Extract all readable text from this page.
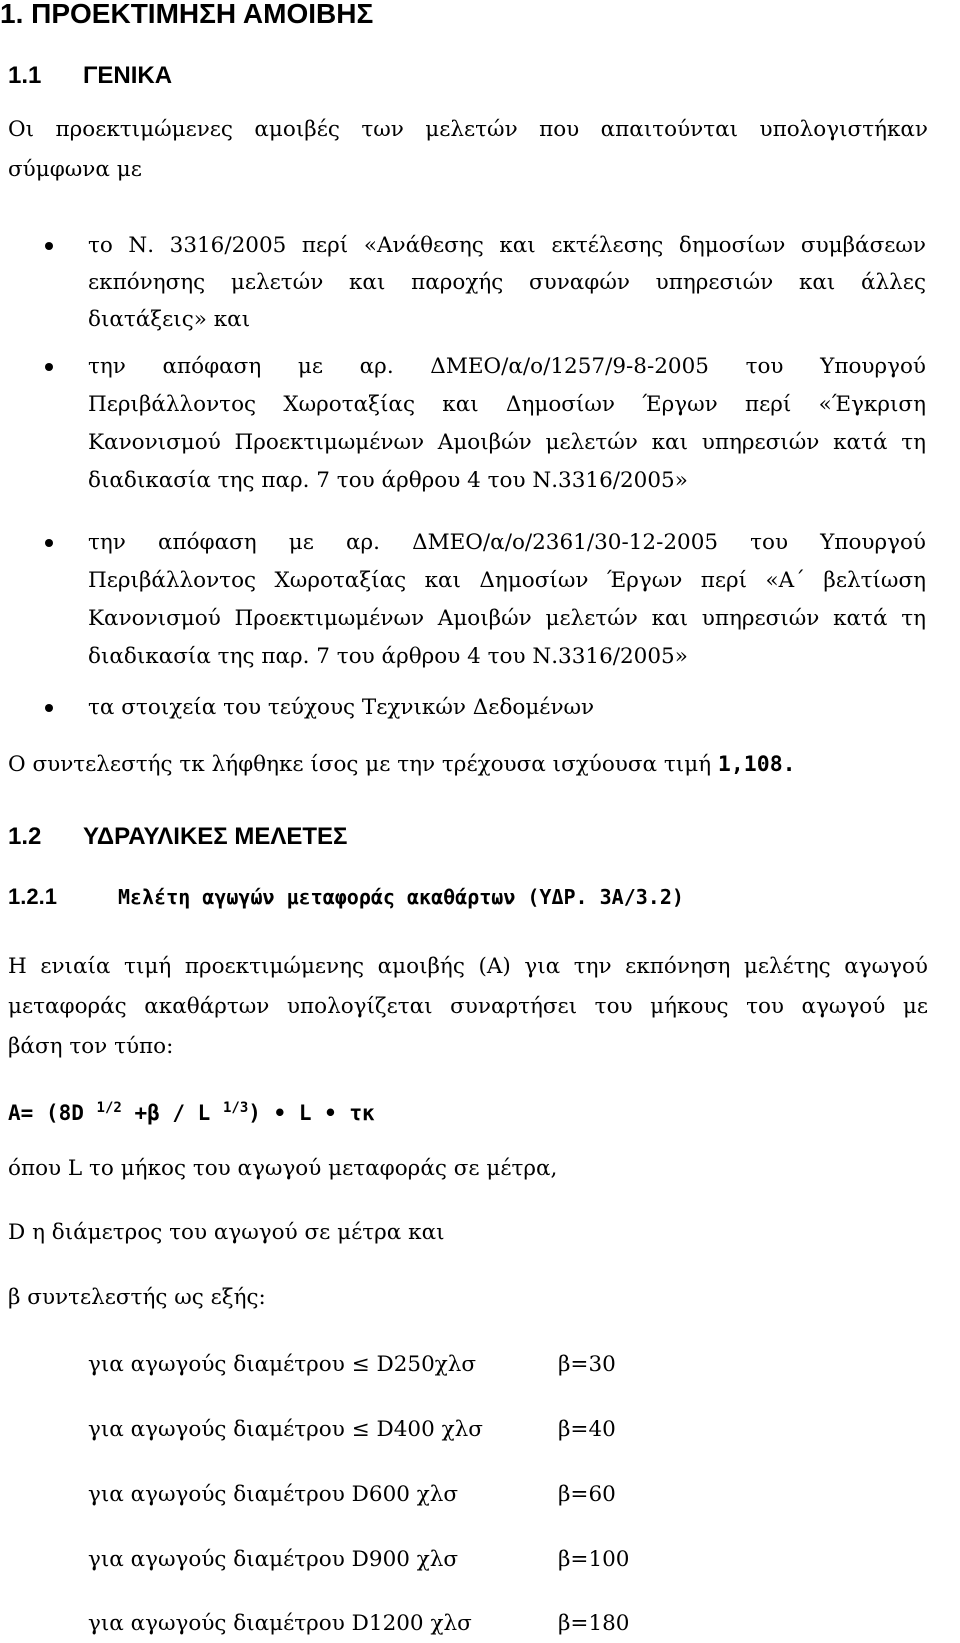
1. ΠΡΟΕΚΤΙΜΗΣΗ ΑΜΟΙΒΗΣ
1.1 ΓΕΝΙΚΑ
Οι προεκτιμώμενες αμοιβές των μελετών που απαιτούνται υπολογιστήκαν
σύμφωνα με
το Ν. 3316/2005 περί «Ανάθεσης και εκτέλεσης δημοσίων συμβάσεων
εκπόνησης μελετών και παροχής συναφών υπηρεσιών και άλλες
διατάξεις» και
την απόφαση με αρ. ΔΜΕΟ/α/ο/1257/9-8-2005 του Υπουργού
Περιβάλλοντος Χωροταξίας και Δημοσίων Έργων περί «Έγκριση
Κανονισμού Προεκτιμωμένων Αμοιβών μελετών και υπηρεσιών κατά τη
διαδικασία της παρ. 7 του άρθρου 4 του Ν.3316/2005»
την απόφαση με αρ. ΔΜΕΟ/α/ο/2361/30-12-2005 του Υπουργού
Περιβάλλοντος Χωροταξίας και Δημοσίων Έργων περί «Α΄ βελτίωση
Κανονισμού Προεκτιμωμένων Αμοιβών μελετών και υπηρεσιών κατά τη
διαδικασία της παρ. 7 του άρθρου 4 του Ν.3316/2005»
τα στοιχεία του τεύχους Τεχνικών Δεδομένων
Ο συντελεστής τκ λήφθηκε ίσος με την τρέχουσα ισχύουσα τιμή 1,108.
1.2 ΥΔΡΑΥΛΙΚΕΣ ΜΕΛΕΤΕΣ
1.2.1	Μελέτη αγωγών μεταφοράς ακαθάρτων (ΥΔΡ. 3Α/3.2)
Η ενιαία τιμή προεκτιμώμενης αμοιβής (Α) για την εκπόνηση μελέτης αγωγού
μεταφοράς ακαθάρτων υπολογίζεται συναρτήσει του μήκους του αγωγού με
βάση τον τύπο:
A= (8D $^{1/2}$ +β / L $^{1/3}$) • L • τκ
όπου L το μήκος του αγωγού μεταφοράς σε μέτρα,
D η διάμετρος του αγωγού σε μέτρα και
β συντελεστής ως εξής:
για αγωγούς διαμέτρου ≤ D250χλσ	β=30
για αγωγούς διαμέτρου ≤ D400 χλσ	β=40
για αγωγούς διαμέτρου D600 χλσ	β=60
για αγωγούς διαμέτρου D900 χλσ	β=100
για αγωγούς διαμέτρου D1200 χλσ	β=180
